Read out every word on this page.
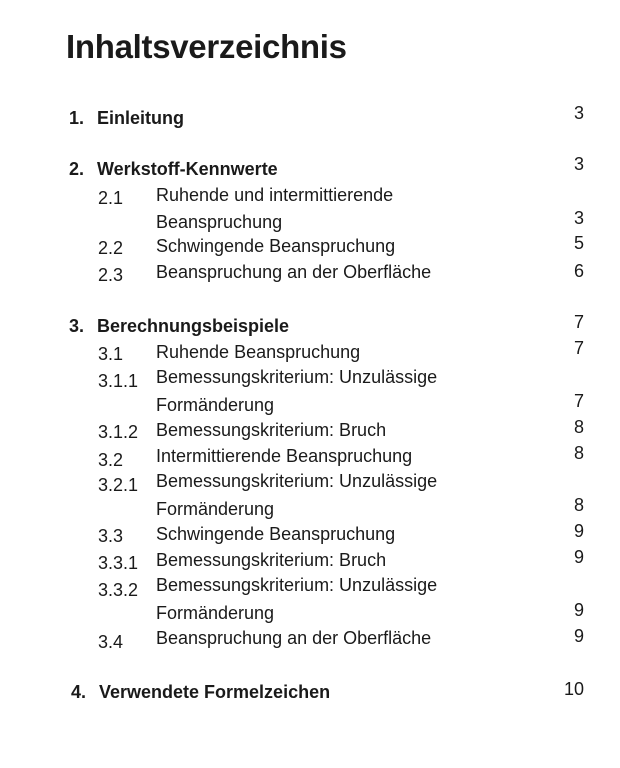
Inhaltsverzeichnis
1. Einleitung	3
2. Werkstoff-Kennwerte	3
2.1 Ruhende und intermittierende
Beanspruchung	3
2.2 Schwingende Beanspruchung	5
2.3 Beanspruchung an der Oberfläche	6
3. Berechnungsbeispiele	7
3.1 Ruhende Beanspruchung	7
3.1.1 Bemessungskriterium: Unzulässige
Formänderung	7
3.1.2 Bemessungskriterium: Bruch	8
3.2 Intermittierende Beanspruchung	8
3.2.1 Bemessungskriterium: Unzulässige
Formänderung	8
3.3 Schwingende Beanspruchung	9
3.3.1 Bemessungskriterium: Bruch	9
3.3.2 Bemessungskriterium: Unzulässige
Formänderung	9
3.4 Beanspruchung an der Oberfläche	9
4. Verwendete Formelzeichen	10
